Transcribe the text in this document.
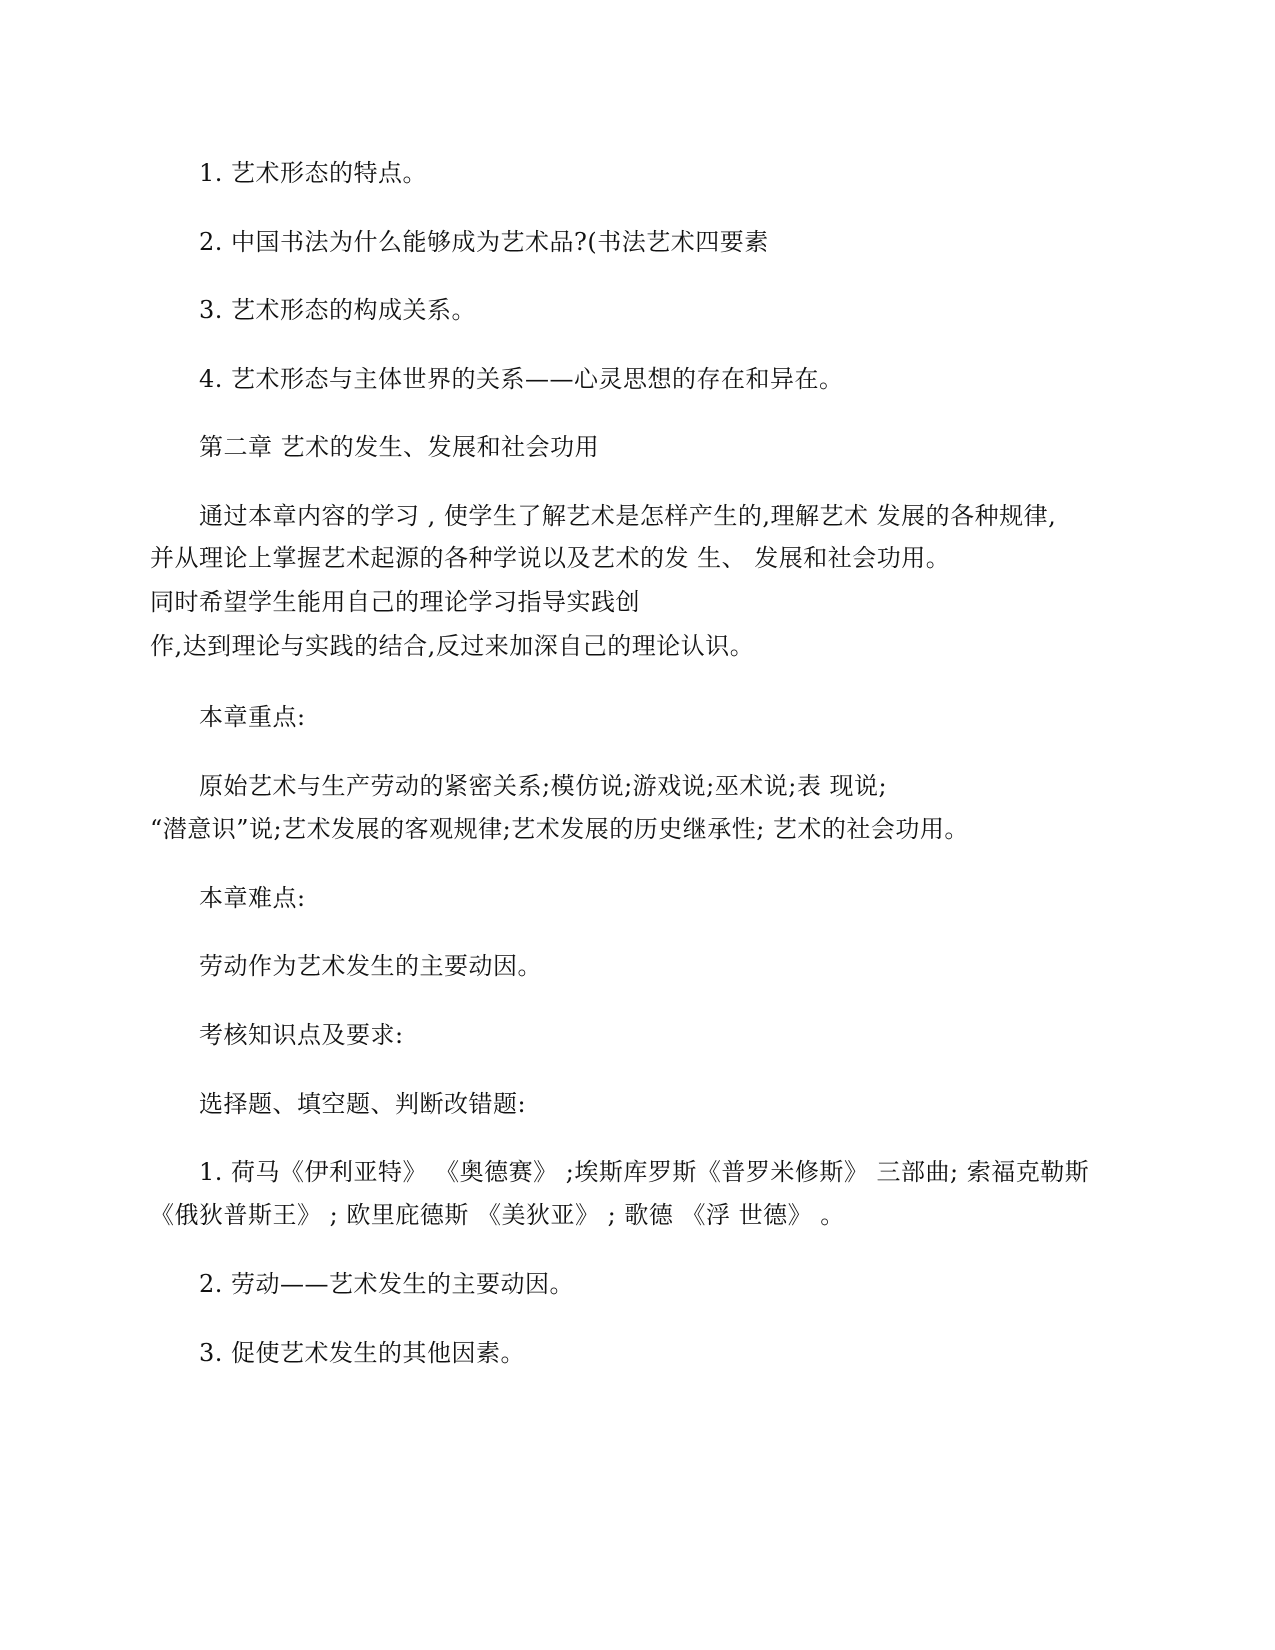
1. 艺术形态的特点。
2. 中国书法为什么能够成为艺术品?(书法艺术四要素
3. 艺术形态的构成关系。
4. 艺术形态与主体世界的关系——心灵思想的存在和异在。
第二章 艺术的发生、发展和社会功用
通过本章内容的学习 , 使学生了解艺术是怎样产生的,理解艺术 发展的各种规律,
并从理论上掌握艺术起源的各种学说以及艺术的发 生、 发展和社会功用。
同时希望学生能用自己的理论学习指导实践创
作,达到理论与实践的结合,反过来加深自己的理论认识。
本章重点:
原始艺术与生产劳动的紧密关系;模仿说;游戏说;巫术说;表 现说;
“潜意识”说;艺术发展的客观规律;艺术发展的历史继承性; 艺术的社会功用。
本章难点:
劳动作为艺术发生的主要动因。
考核知识点及要求:
选择题、填空题、判断改错题:
1. 荷马《伊利亚特》 《奥德赛》 ;埃斯库罗斯《普罗米修斯》 三部曲; 索福克勒斯
《俄狄普斯王》 ; 欧里庇德斯 《美狄亚》 ; 歌德 《浮 世德》 。
2. 劳动——艺术发生的主要动因。
3. 促使艺术发生的其他因素。
